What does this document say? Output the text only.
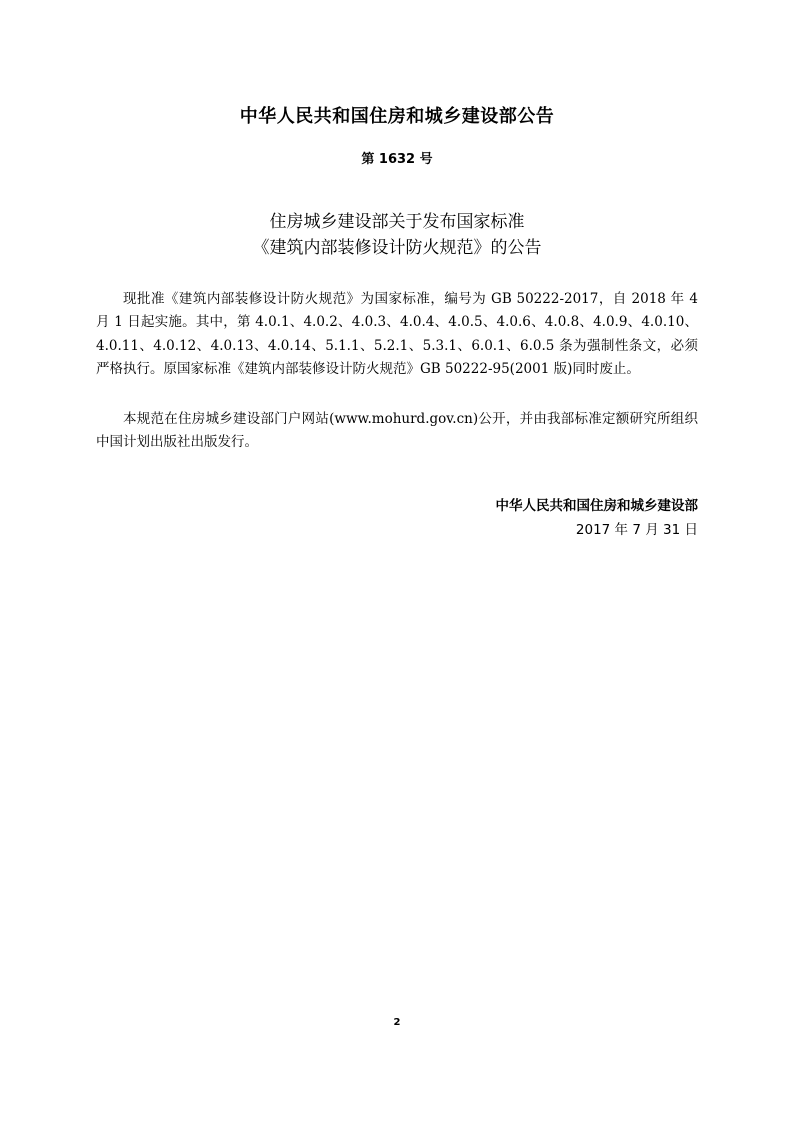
中华人民共和国住房和城乡建设部公告
第 1632 号
住房城乡建设部关于发布国家标准
《建筑内部装修设计防火规范》的公告

现批准《建筑内部装修设计防火规范》为国家标准，编号为 GB 50222-2017，自 2018 年 4 月 1 日起实施。其中，第 4.0.1、4.0.2、4.0.3、4.0.4、4.0.5、4.0.6、4.0.8、4.0.9、4.0.10、4.0.11、4.0.12、4.0.13、4.0.14、5.1.1、5.2.1、5.3.1、6.0.1、6.0.5 条为强制性条文，必须严格执行。原国家标准《建筑内部装修设计防火规范》GB 50222-95(2001 版)同时废止。

本规范在住房城乡建设部门户网站(www.mohurd.gov.cn)公开，并由我部标准定额研究所组织中国计划出版社出版发行。

中华人民共和国住房和城乡建设部
2017 年 7 月 31 日
2
